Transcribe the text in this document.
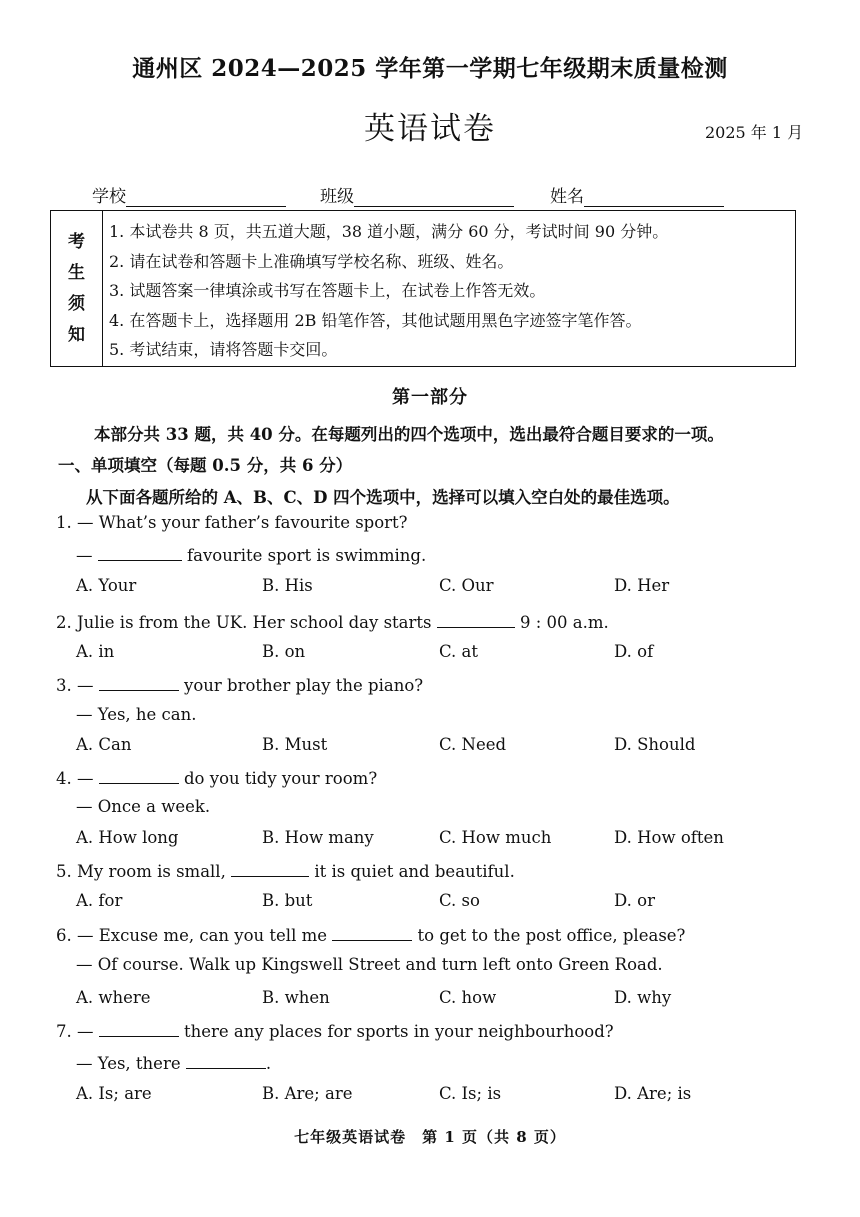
通州区 2024—2025 学年第一学期七年级期末质量检测
英语试卷	2025 年 1 月
学校	班级	姓名
考
生
须
知
1. 本试卷共 8 页，共五道大题，38 道小题，满分 60 分，考试时间 90 分钟。
2. 请在试卷和答题卡上准确填写学校名称、班级、姓名。
3. 试题答案一律填涂或书写在答题卡上，在试卷上作答无效。
4. 在答题卡上，选择题用 2B 铅笔作答，其他试题用黑色字迹签字笔作答。
5. 考试结束，请将答题卡交回。
第一部分
本部分共 33 题，共 40 分。在每题列出的四个选项中，选出最符合题目要求的一项。
一、单项填空（每题 0.5 分，共 6 分）
从下面各题所给的 A、B、C、D 四个选项中，选择可以填入空白处的最佳选项。
1. — What’s your father’s favourite sport?
—	favourite sport is swimming.
A. Your	B. His	C. Our	D. Her
2. Julie is from the UK. Her school day starts	9 : 00 a.m.
A. in	B. on	C. at	D. of
3. —	your brother play the piano?
— Yes, he can.
A. Can	B. Must	C. Need	D. Should
4. —	do you tidy your room?
— Once a week.
A. How long	B. How many	C. How much	D. How often
5. My room is small,	it is quiet and beautiful.
A. for	B. but	C. so	D. or
6. — Excuse me, can you tell me	to get to the post office, please?
— Of course. Walk up Kingswell Street and turn left onto Green Road.
A. where	B. when	C. how	D. why
7. —	there any places for sports in your neighbourhood?
— Yes, there	.
A. Is; are	B. Are; are	C. Is; is	D. Are; is
七年级英语试卷　第 1 页（共 8 页）
